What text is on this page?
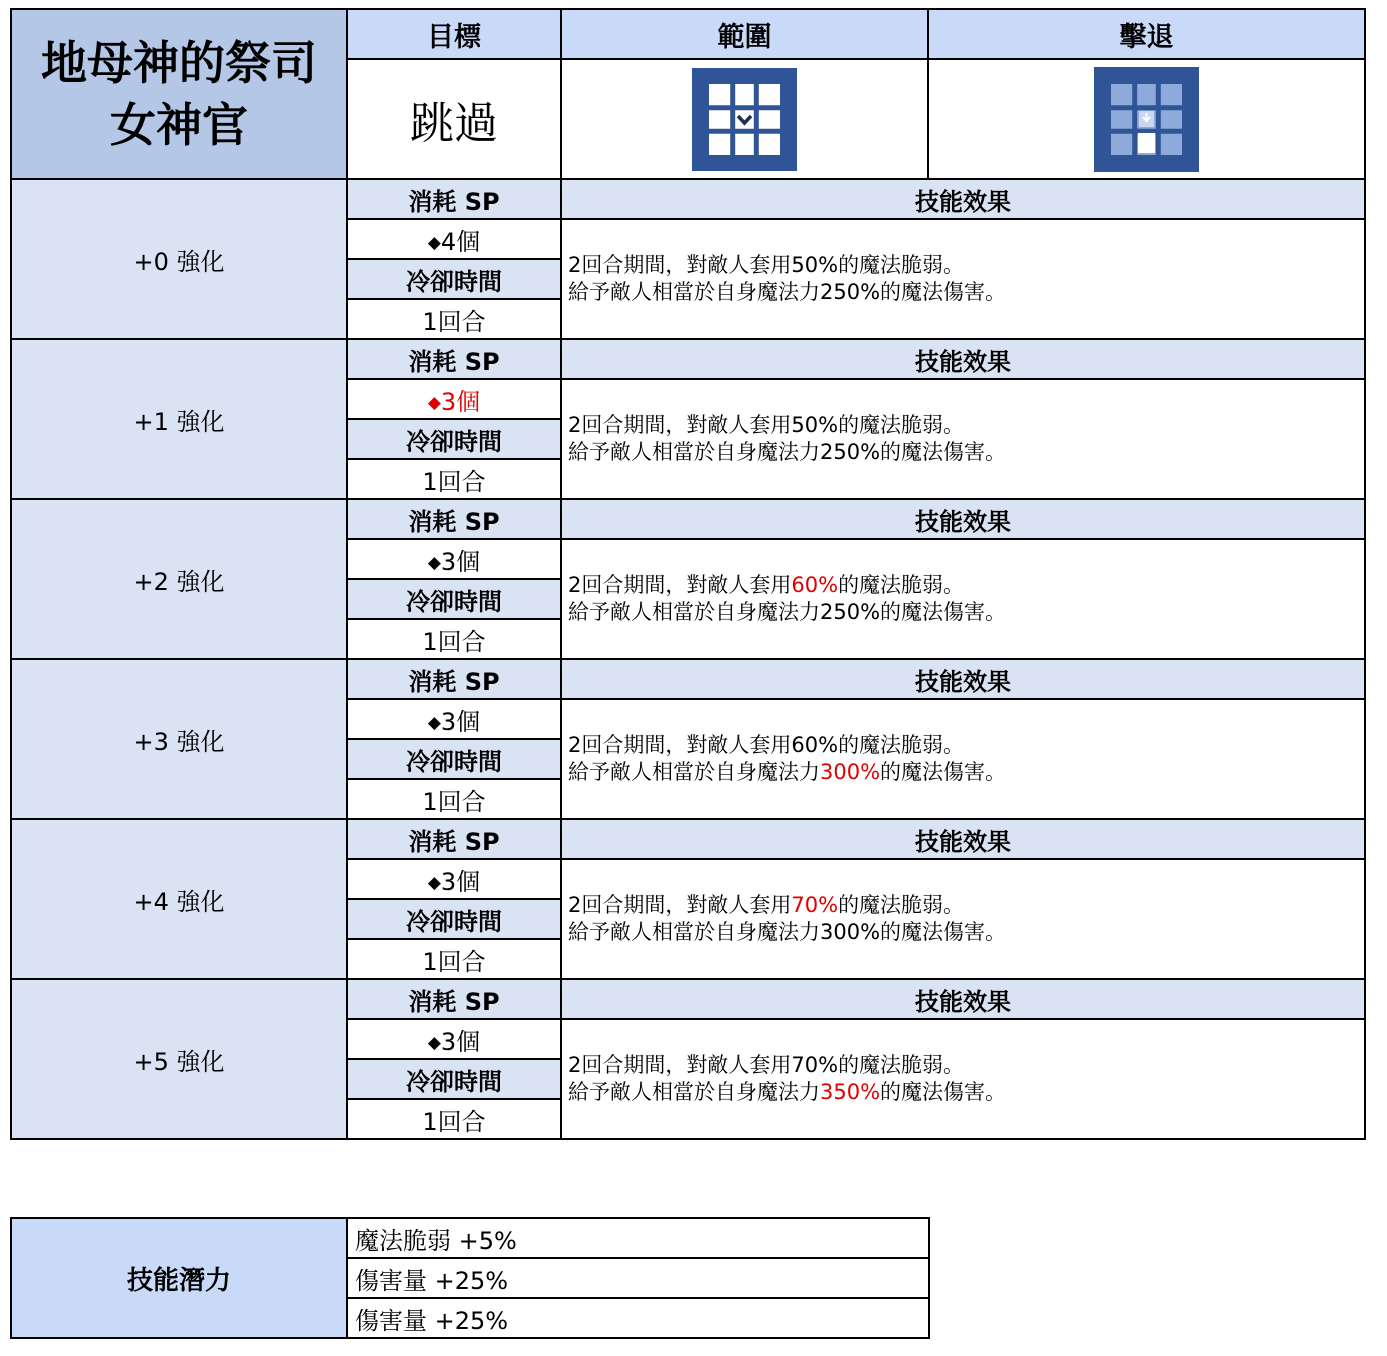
地母神的祭司
女神官	目標	範圍	擊退
	跳過	

+0 強化	消耗 SP	技能效果	
	◆4個	2回合期間，對敵人套用50%的魔法脆弱。
給予敵人相當於自身魔法力250%的魔法傷害。	

	冷卻時間		
	1回合		
+1 強化	消耗 SP	技能效果	
	◆3個	2回合期間，對敵人套用50%的魔法脆弱。
給予敵人相當於自身魔法力250%的魔法傷害。	

	冷卻時間		
	1回合		
+2 強化	消耗 SP	技能效果	
	◆3個	2回合期間，對敵人套用60%的魔法脆弱。
給予敵人相當於自身魔法力250%的魔法傷害。	

	冷卻時間		
	1回合		
+3 強化	消耗 SP	技能效果	
	◆3個	2回合期間，對敵人套用60%的魔法脆弱。
給予敵人相當於自身魔法力300%的魔法傷害。	

	冷卻時間		
	1回合		
+4 強化	消耗 SP	技能效果	
	◆3個	2回合期間，對敵人套用70%的魔法脆弱。
給予敵人相當於自身魔法力300%的魔法傷害。	

	冷卻時間		
	1回合		
+5 強化	消耗 SP	技能效果	
	◆3個	2回合期間，對敵人套用70%的魔法脆弱。
給予敵人相當於自身魔法力350%的魔法傷害。	

	冷卻時間		
	1回合		
技能潛力	魔法脆弱 +5%
傷害量 +25%
傷害量 +25%
